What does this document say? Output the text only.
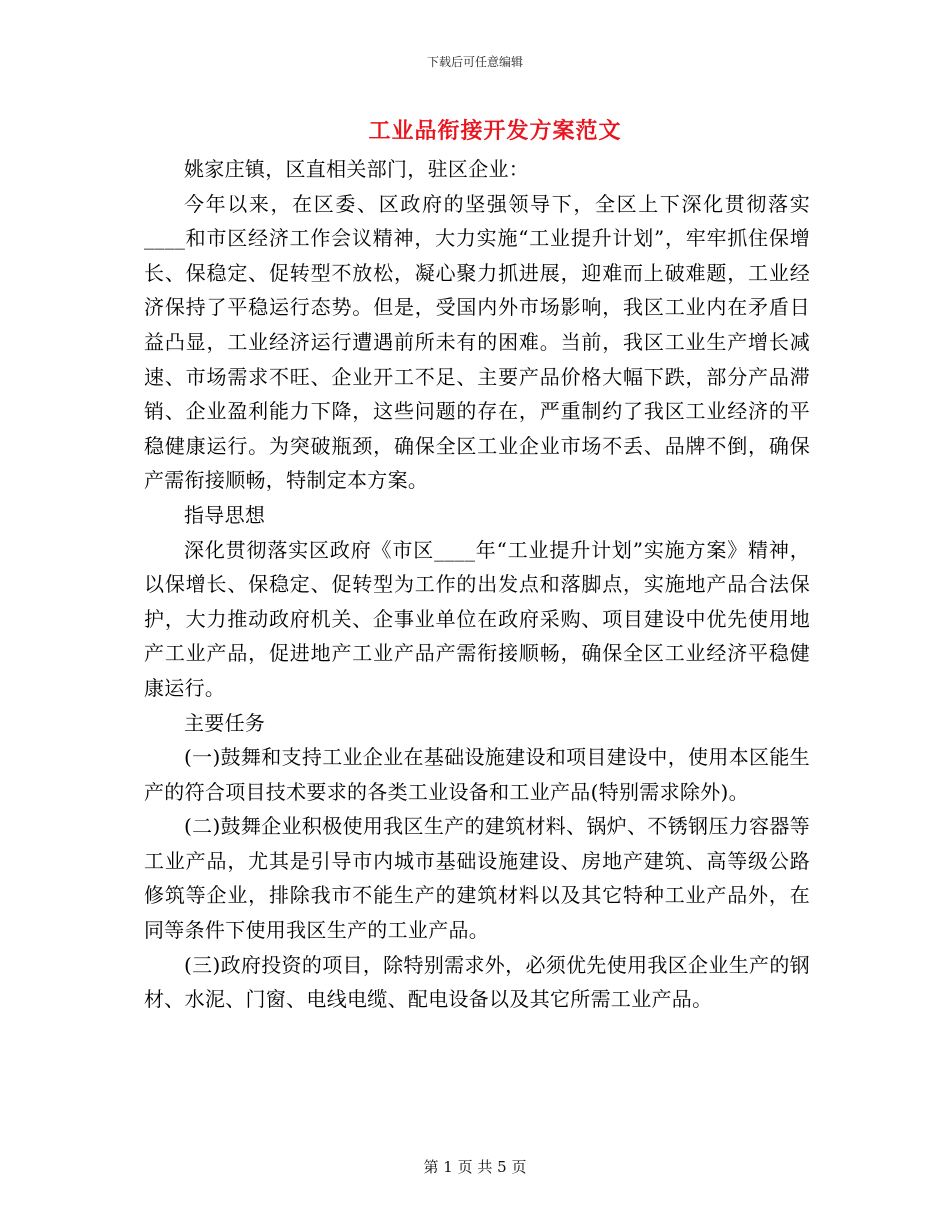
下载后可任意编辑
工业品衔接开发方案范文

姚家庄镇，区直相关部门，驻区企业：

今年以来，在区委、区政府的坚强领导下，全区上下深化贯彻落实____和市区经济工作会议精神，大力实施“工业提升计划”，牢牢抓住保增长、保稳定、促转型不放松，凝心聚力抓进展，迎难而上破难题，工业经济保持了平稳运行态势。但是，受国内外市场影响，我区工业内在矛盾日益凸显，工业经济运行遭遇前所未有的困难。当前，我区工业生产增长减速、市场需求不旺、企业开工不足、主要产品价格大幅下跌，部分产品滞销、企业盈利能力下降，这些问题的存在，严重制约了我区工业经济的平稳健康运行。为突破瓶颈，确保全区工业企业市场不丢、品牌不倒，确保产需衔接顺畅，特制定本方案。

指导思想

深化贯彻落实区政府《市区____年“工业提升计划”实施方案》精神，以保增长、保稳定、促转型为工作的出发点和落脚点，实施地产品合法保护，大力推动政府机关、企事业单位在政府采购、项目建设中优先使用地产工业产品，促进地产工业产品产需衔接顺畅，确保全区工业经济平稳健康运行。

主要任务

(一)鼓舞和支持工业企业在基础设施建设和项目建设中，使用本区能生产的符合项目技术要求的各类工业设备和工业产品(特别需求除外)。

(二)鼓舞企业积极使用我区生产的建筑材料、锅炉、不锈钢压力容器等工业产品，尤其是引导市内城市基础设施建设、房地产建筑、高等级公路修筑等企业，排除我市不能生产的建筑材料以及其它特种工业产品外，在同等条件下使用我区生产的工业产品。

(三)政府投资的项目，除特别需求外，必须优先使用我区企业生产的钢材、水泥、门窗、电线电缆、配电设备以及其它所需工业产品。

第 1 页 共 5 页
